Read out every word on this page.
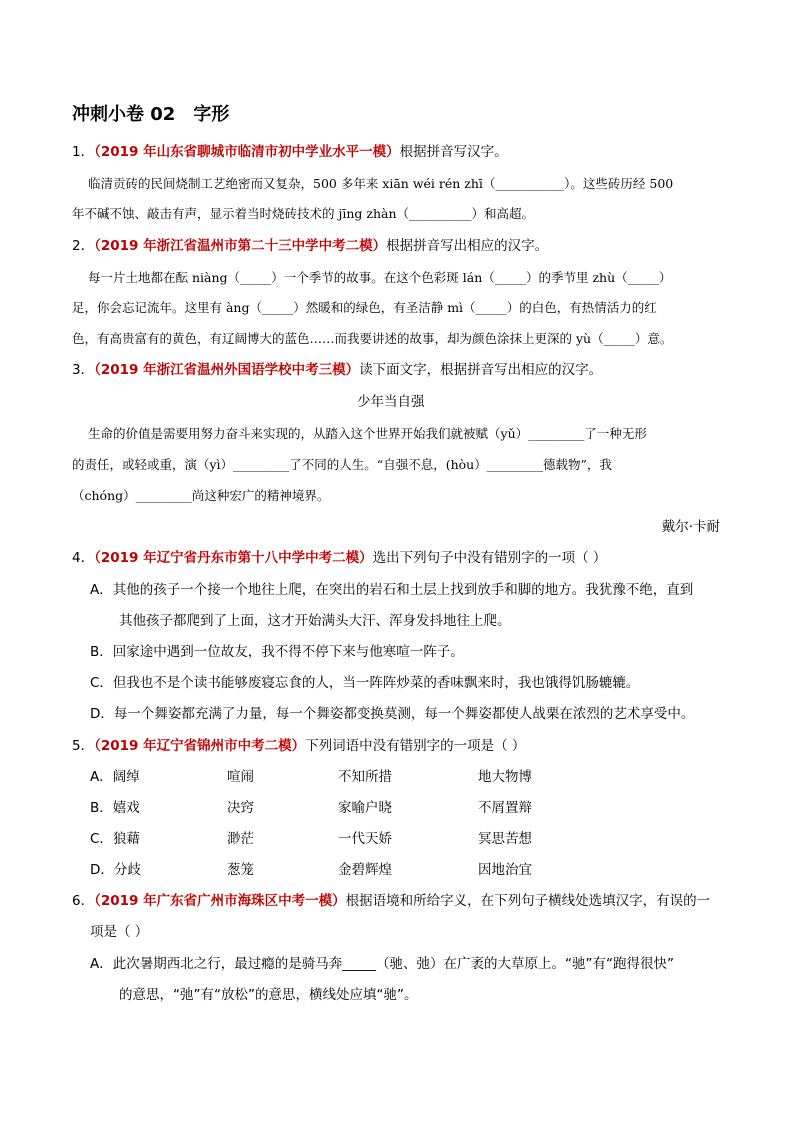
冲刺小卷 02 字形
1．（2019 年山东省聊城市临清市初中学业水平一模）根据拼音写汉字。
临清贡砖的民间烧制工艺绝密而又复杂，500 多年来 xiān wéi rén zhī（___________）。这些砖历经 500
年不碱不蚀、敲击有声，显示着当时烧砖技术的 jīng zhàn（__________）和高超。
2．（2019 年浙江省温州市第二十三中学中考二模）根据拼音写出相应的汉字。
每一片土地都在酝 niàng（_____）一个季节的故事。在这个色彩斑 lán（_____）的季节里 zhù（_____）
足，你会忘记流年。这里有 àng（_____）然暖和的绿色，有圣洁静 mì（_____）的白色，有热情活力的红
色，有高贵富有的黄色，有辽阔博大的蓝色……而我要讲述的故事，却为颜色涂抹上更深的 yù（_____）意。
3．（2019 年浙江省温州外国语学校中考三模）读下面文字，根据拼音写出相应的汉字。
少年当自强
生命的价值是需要用努力奋斗来实现的，从踏入这个世界开始我们就被赋（yǔ）_________了一种无形
的责任，或轻或重，演（yì）_________了不同的人生。“自强不息，(hòu）_________德载物”，我
（chóng）_________尚这种宏广的精神境界。
戴尔·卡耐
4．（2019 年辽宁省丹东市第十八中学中考二模）选出下列句子中没有错别字的一项（ ）
A．其他的孩子一个接一个地往上爬，在突出的岩石和土层上找到放手和脚的地方。我犹豫不绝，直到
其他孩子都爬到了上面，这才开始满头大汗、浑身发抖地往上爬。
B．回家途中遇到一位故友，我不得不停下来与他寒喧一阵子。
C．但我也不是个读书能够废寝忘食的人，当一阵阵炒菜的香味飘来时，我也饿得饥肠辘辘。
D．每一个舞姿都充满了力量，每一个舞姿都变换莫测，每一个舞姿都使人战栗在浓烈的艺术享受中。
5．（2019 年辽宁省锦州市中考二模）下列词语中没有错别字的一项是（ ）
A．阔绰	喧闹	不知所措	地大物博
B．嬉戏	决窍	家喻户晓	不屑置辩
C．狼藉	渺茫	一代天娇	冥思苦想
D．分歧	葱笼	金碧辉煌	因地治宜
6．（2019 年广东省广州市海珠区中考一模）根据语境和所给字义，在下列句子横线处选填汉字，有误的一
项是（ ）
A．此次暑期西北之行，最过瘾的是骑马奔_____（驰、弛）在广袤的大草原上。“驰”有“跑得很快”
的意思，“弛”有“放松”的意思，横线处应填“驰”。
